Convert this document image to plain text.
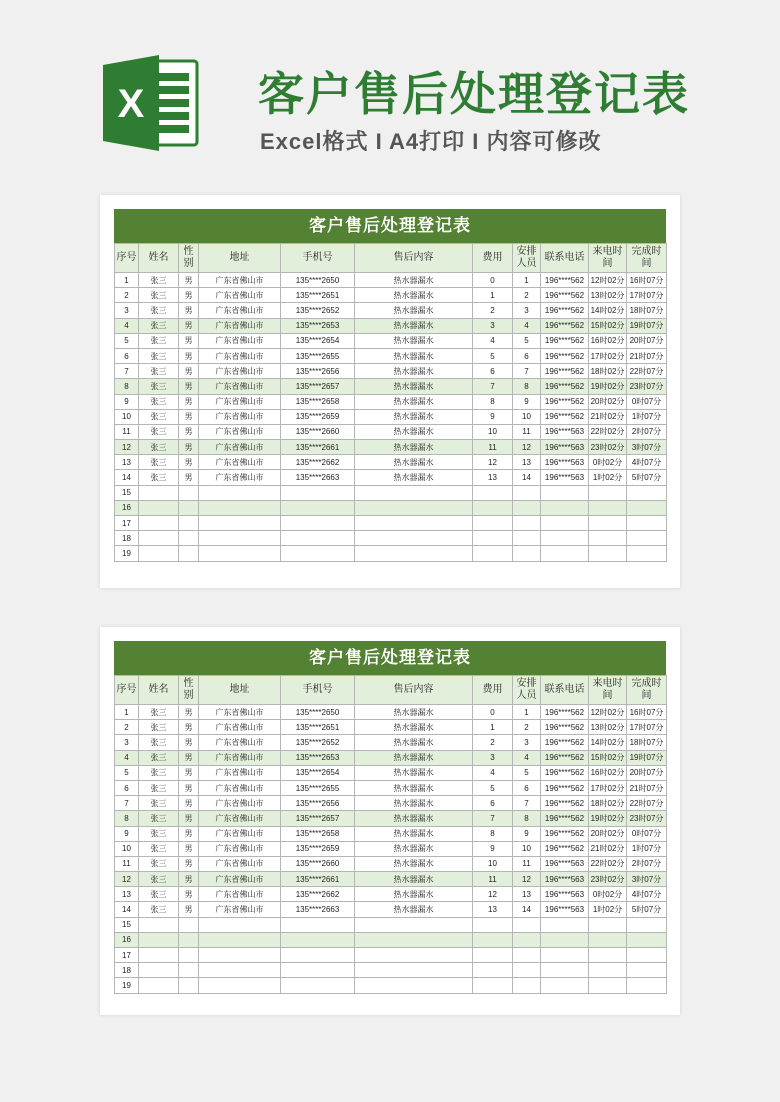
X 客户售后处理登记表
Excel格式 I A4打印 I 内容可修改
客户售后处理登记表
序号	姓名	性别	地址	手机号	售后内容	费用	安排人员	联系电话	来电时间	完成时间
1	张三	男	广东省佛山市	135****2650	热水器漏水	0	1	196****562	12时02分	16时07分
2	张三	男	广东省佛山市	135****2651	热水器漏水	1	2	196****562	13时02分	17时07分
3	张三	男	广东省佛山市	135****2652	热水器漏水	2	3	196****562	14时02分	18时07分
4	张三	男	广东省佛山市	135****2653	热水器漏水	3	4	196****562	15时02分	19时07分
5	张三	男	广东省佛山市	135****2654	热水器漏水	4	5	196****562	16时02分	20时07分
6	张三	男	广东省佛山市	135****2655	热水器漏水	5	6	196****562	17时02分	21时07分
7	张三	男	广东省佛山市	135****2656	热水器漏水	6	7	196****562	18时02分	22时07分
8	张三	男	广东省佛山市	135****2657	热水器漏水	7	8	196****562	19时02分	23时07分
9	张三	男	广东省佛山市	135****2658	热水器漏水	8	9	196****562	20时02分	0时07分
10	张三	男	广东省佛山市	135****2659	热水器漏水	9	10	196****562	21时02分	1时07分
11	张三	男	广东省佛山市	135****2660	热水器漏水	10	11	196****563	22时02分	2时07分
12	张三	男	广东省佛山市	135****2661	热水器漏水	11	12	196****563	23时02分	3时07分
13	张三	男	广东省佛山市	135****2662	热水器漏水	12	13	196****563	0时02分	4时07分
14	张三	男	广东省佛山市	135****2663	热水器漏水	13	14	196****563	1时02分	5时07分
15										
16										
17										
18										
19										
客户售后处理登记表
序号	姓名	性别	地址	手机号	售后内容	费用	安排人员	联系电话	来电时间	完成时间
1	张三	男	广东省佛山市	135****2650	热水器漏水	0	1	196****562	12时02分	16时07分
2	张三	男	广东省佛山市	135****2651	热水器漏水	1	2	196****562	13时02分	17时07分
3	张三	男	广东省佛山市	135****2652	热水器漏水	2	3	196****562	14时02分	18时07分
4	张三	男	广东省佛山市	135****2653	热水器漏水	3	4	196****562	15时02分	19时07分
5	张三	男	广东省佛山市	135****2654	热水器漏水	4	5	196****562	16时02分	20时07分
6	张三	男	广东省佛山市	135****2655	热水器漏水	5	6	196****562	17时02分	21时07分
7	张三	男	广东省佛山市	135****2656	热水器漏水	6	7	196****562	18时02分	22时07分
8	张三	男	广东省佛山市	135****2657	热水器漏水	7	8	196****562	19时02分	23时07分
9	张三	男	广东省佛山市	135****2658	热水器漏水	8	9	196****562	20时02分	0时07分
10	张三	男	广东省佛山市	135****2659	热水器漏水	9	10	196****562	21时02分	1时07分
11	张三	男	广东省佛山市	135****2660	热水器漏水	10	11	196****563	22时02分	2时07分
12	张三	男	广东省佛山市	135****2661	热水器漏水	11	12	196****563	23时02分	3时07分
13	张三	男	广东省佛山市	135****2662	热水器漏水	12	13	196****563	0时02分	4时07分
14	张三	男	广东省佛山市	135****2663	热水器漏水	13	14	196****563	1时02分	5时07分
15										
16										
17										
18										
19										
